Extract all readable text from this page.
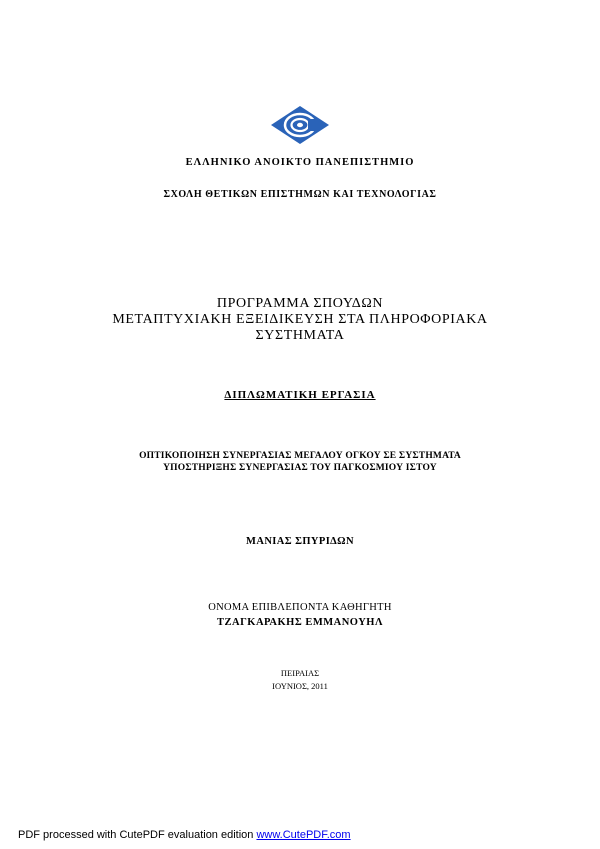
ΕΛΛΗΝΙΚΟ ΑΝΟΙΚΤΟ ΠΑΝΕΠΙΣΤΗΜΙΟ
ΣΧΟΛΗ ΘΕΤΙΚΩΝ ΕΠΙΣΤΗΜΩΝ ΚΑΙ ΤΕΧΝΟΛΟΓΙΑΣ
ΠΡΟΓΡΑΜΜΑ ΣΠΟΥΔΩΝ
ΜΕΤΑΠΤΥΧΙΑΚΗ ΕΞΕΙΔΙΚΕΥΣΗ ΣΤΑ ΠΛΗΡΟΦΟΡΙΑΚΑ
ΣΥΣΤΗΜΑΤΑ
ΔΙΠΛΩΜΑΤΙΚΗ ΕΡΓΑΣΙΑ
ΟΠΤΙΚΟΠΟΙΗΣΗ ΣΥΝΕΡΓΑΣΙΑΣ ΜΕΓΑΛΟΥ ΟΓΚΟΥ ΣΕ ΣΥΣΤΗΜΑΤΑ
ΥΠΟΣΤΗΡΙΞΗΣ ΣΥΝΕΡΓΑΣΙΑΣ ΤΟΥ ΠΑΓΚΟΣΜΙΟΥ ΙΣΤΟΥ
ΜΑΝΙΑΣ ΣΠΥΡΙΔΩΝ
ΟΝΟΜΑ ΕΠΙΒΛΕΠΟΝΤΑ ΚΑΘΗΓΗΤΗ
ΤΖΑΓΚΑΡΑΚΗΣ ΕΜΜΑΝΟΥΗΛ
ΠΕΙΡΑΙΑΣ
ΙΟΥΝΙΟΣ, 2011
PDF processed with CutePDF evaluation edition www.CutePDF.com
